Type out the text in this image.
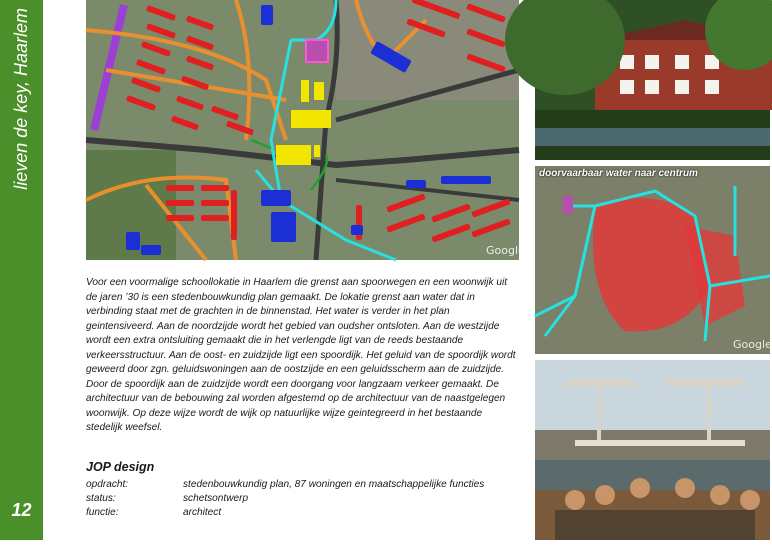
lieven de key, Haarlem
12
Google
doorvaarbaar water naar centrum
Google
Voor een voormalige schoollokatie in Haarlem die grenst aan spoorwegen en een woonwijk uit de jaren ’30 is een stedenbouwkundig plan gemaakt. De lokatie grenst aan water dat in verbinding staat met de grachten in de binnenstad. Het water is verder in het plan geintensiveerd. Aan de noordzijde wordt het gebied van oudsher ontsloten. Aan de westzijde wordt een extra ontsluiting gemaakt die in het verlengde ligt van de reeds bestaande verkeersstructuur. Aan de oost- en zuidzijde ligt een spoordijk. Het geluid van de spoordijk wordt geweerd door zgn. geluidswoningen aan de oostzijde en een geluidsscherm aan de zuidzijde. Door de spoordijk aan de zuidzijde wordt een doorgang voor langzaam verkeer gemaakt. De architectuur van de bebouwing zal worden afgestemd op de architectuur van de naastgelegen woonwijk. Op deze wijze wordt de wijk op natuurlijke wijze geintegreerd in het bestaande stedelijk weefsel.
JOP design
opdracht:	stedenbouwkundig plan, 87 woningen en maatschappelijke functies
status:	schetsontwerp
functie:	architect
